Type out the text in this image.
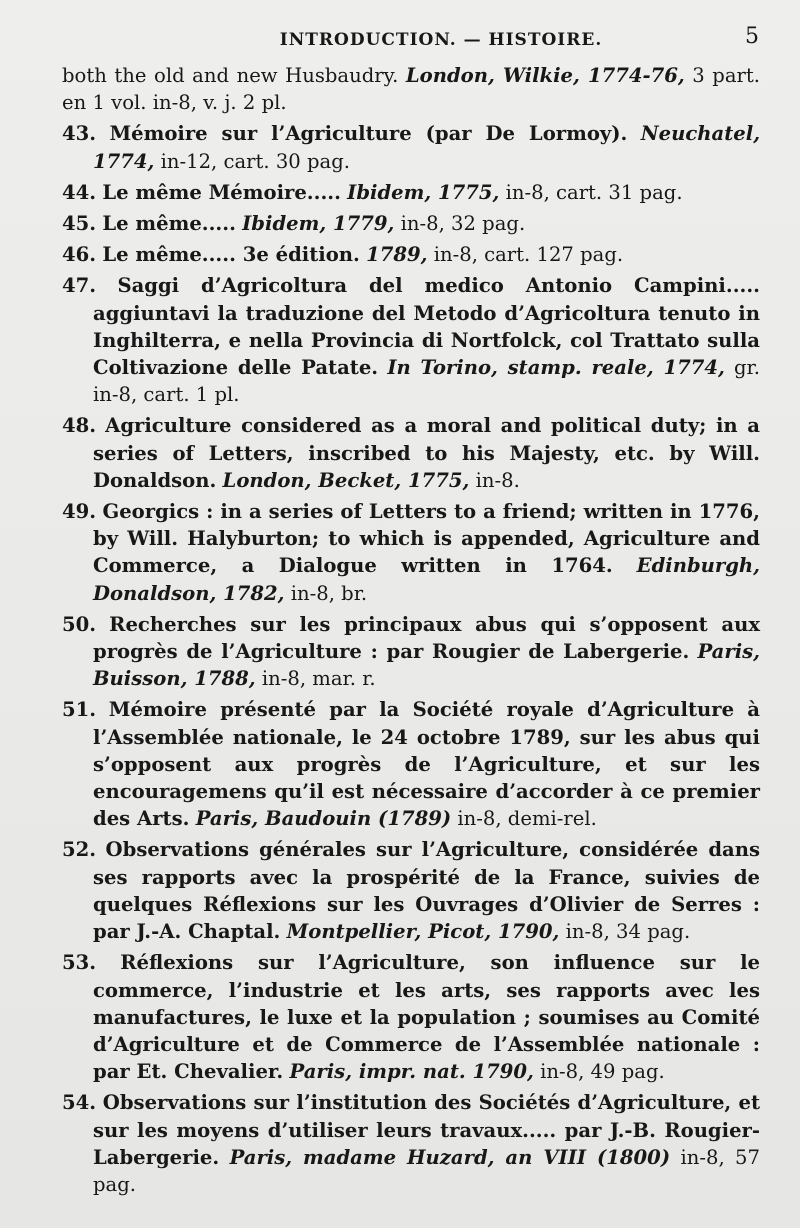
INTRODUCTION. — HISTOIRE.	5
both the old and new Husbaudry. London, Wilkie, 1774-76, 3 part. en 1 vol. in-8, v. j. 2 pl.
43. Mémoire sur l’Agriculture (par De Lormoy). Neuchatel, 1774, in-12, cart. 30 pag.
44. Le même Mémoire..... Ibidem, 1775, in-8, cart. 31 pag.
45. Le même..... Ibidem, 1779, in-8, 32 pag.
46. Le même..... 3e édition. 1789, in-8, cart. 127 pag.
47. Saggi d’Agricoltura del medico Antonio Campini..... aggiuntavi la traduzione del Metodo d’Agricoltura tenuto in Inghilterra, e nella Provincia di Nortfolck, col Trattato sulla Coltivazione delle Patate. In Torino, stamp. reale, 1774, gr. in-8, cart. 1 pl.
48. Agriculture considered as a moral and political duty; in a series of Letters, inscribed to his Majesty, etc. by Will. Donaldson. London, Becket, 1775, in-8.
49. Georgics : in a series of Letters to a friend; written in 1776, by Will. Halyburton; to which is appended, Agriculture and Commerce, a Dialogue written in 1764. Edinburgh, Donaldson, 1782, in-8, br.
50. Recherches sur les principaux abus qui s’opposent aux progrès de l’Agriculture : par Rougier de Labergerie. Paris, Buisson, 1788, in-8, mar. r.
51. Mémoire présenté par la Société royale d’Agriculture à l’Assemblée nationale, le 24 octobre 1789, sur les abus qui s’opposent aux progrès de l’Agriculture, et sur les encouragemens qu’il est nécessaire d’accorder à ce premier des Arts. Paris, Baudouin (1789) in-8, demi-rel.
52. Observations générales sur l’Agriculture, considérée dans ses rapports avec la prospérité de la France, suivies de quelques Réflexions sur les Ouvrages d’Olivier de Serres : par J.-A. Chaptal. Montpellier, Picot, 1790, in-8, 34 pag.
53. Réflexions sur l’Agriculture, son influence sur le commerce, l’industrie et les arts, ses rapports avec les manufactures, le luxe et la population ; soumises au Comité d’Agriculture et de Commerce de l’Assemblée nationale : par Et. Chevalier. Paris, impr. nat. 1790, in-8, 49 pag.
54. Observations sur l’institution des Sociétés d’Agriculture, et sur les moyens d’utiliser leurs travaux..... par J.-B. Rougier-Labergerie. Paris, madame Huzard, an VIII (1800) in-8, 57 pag.
